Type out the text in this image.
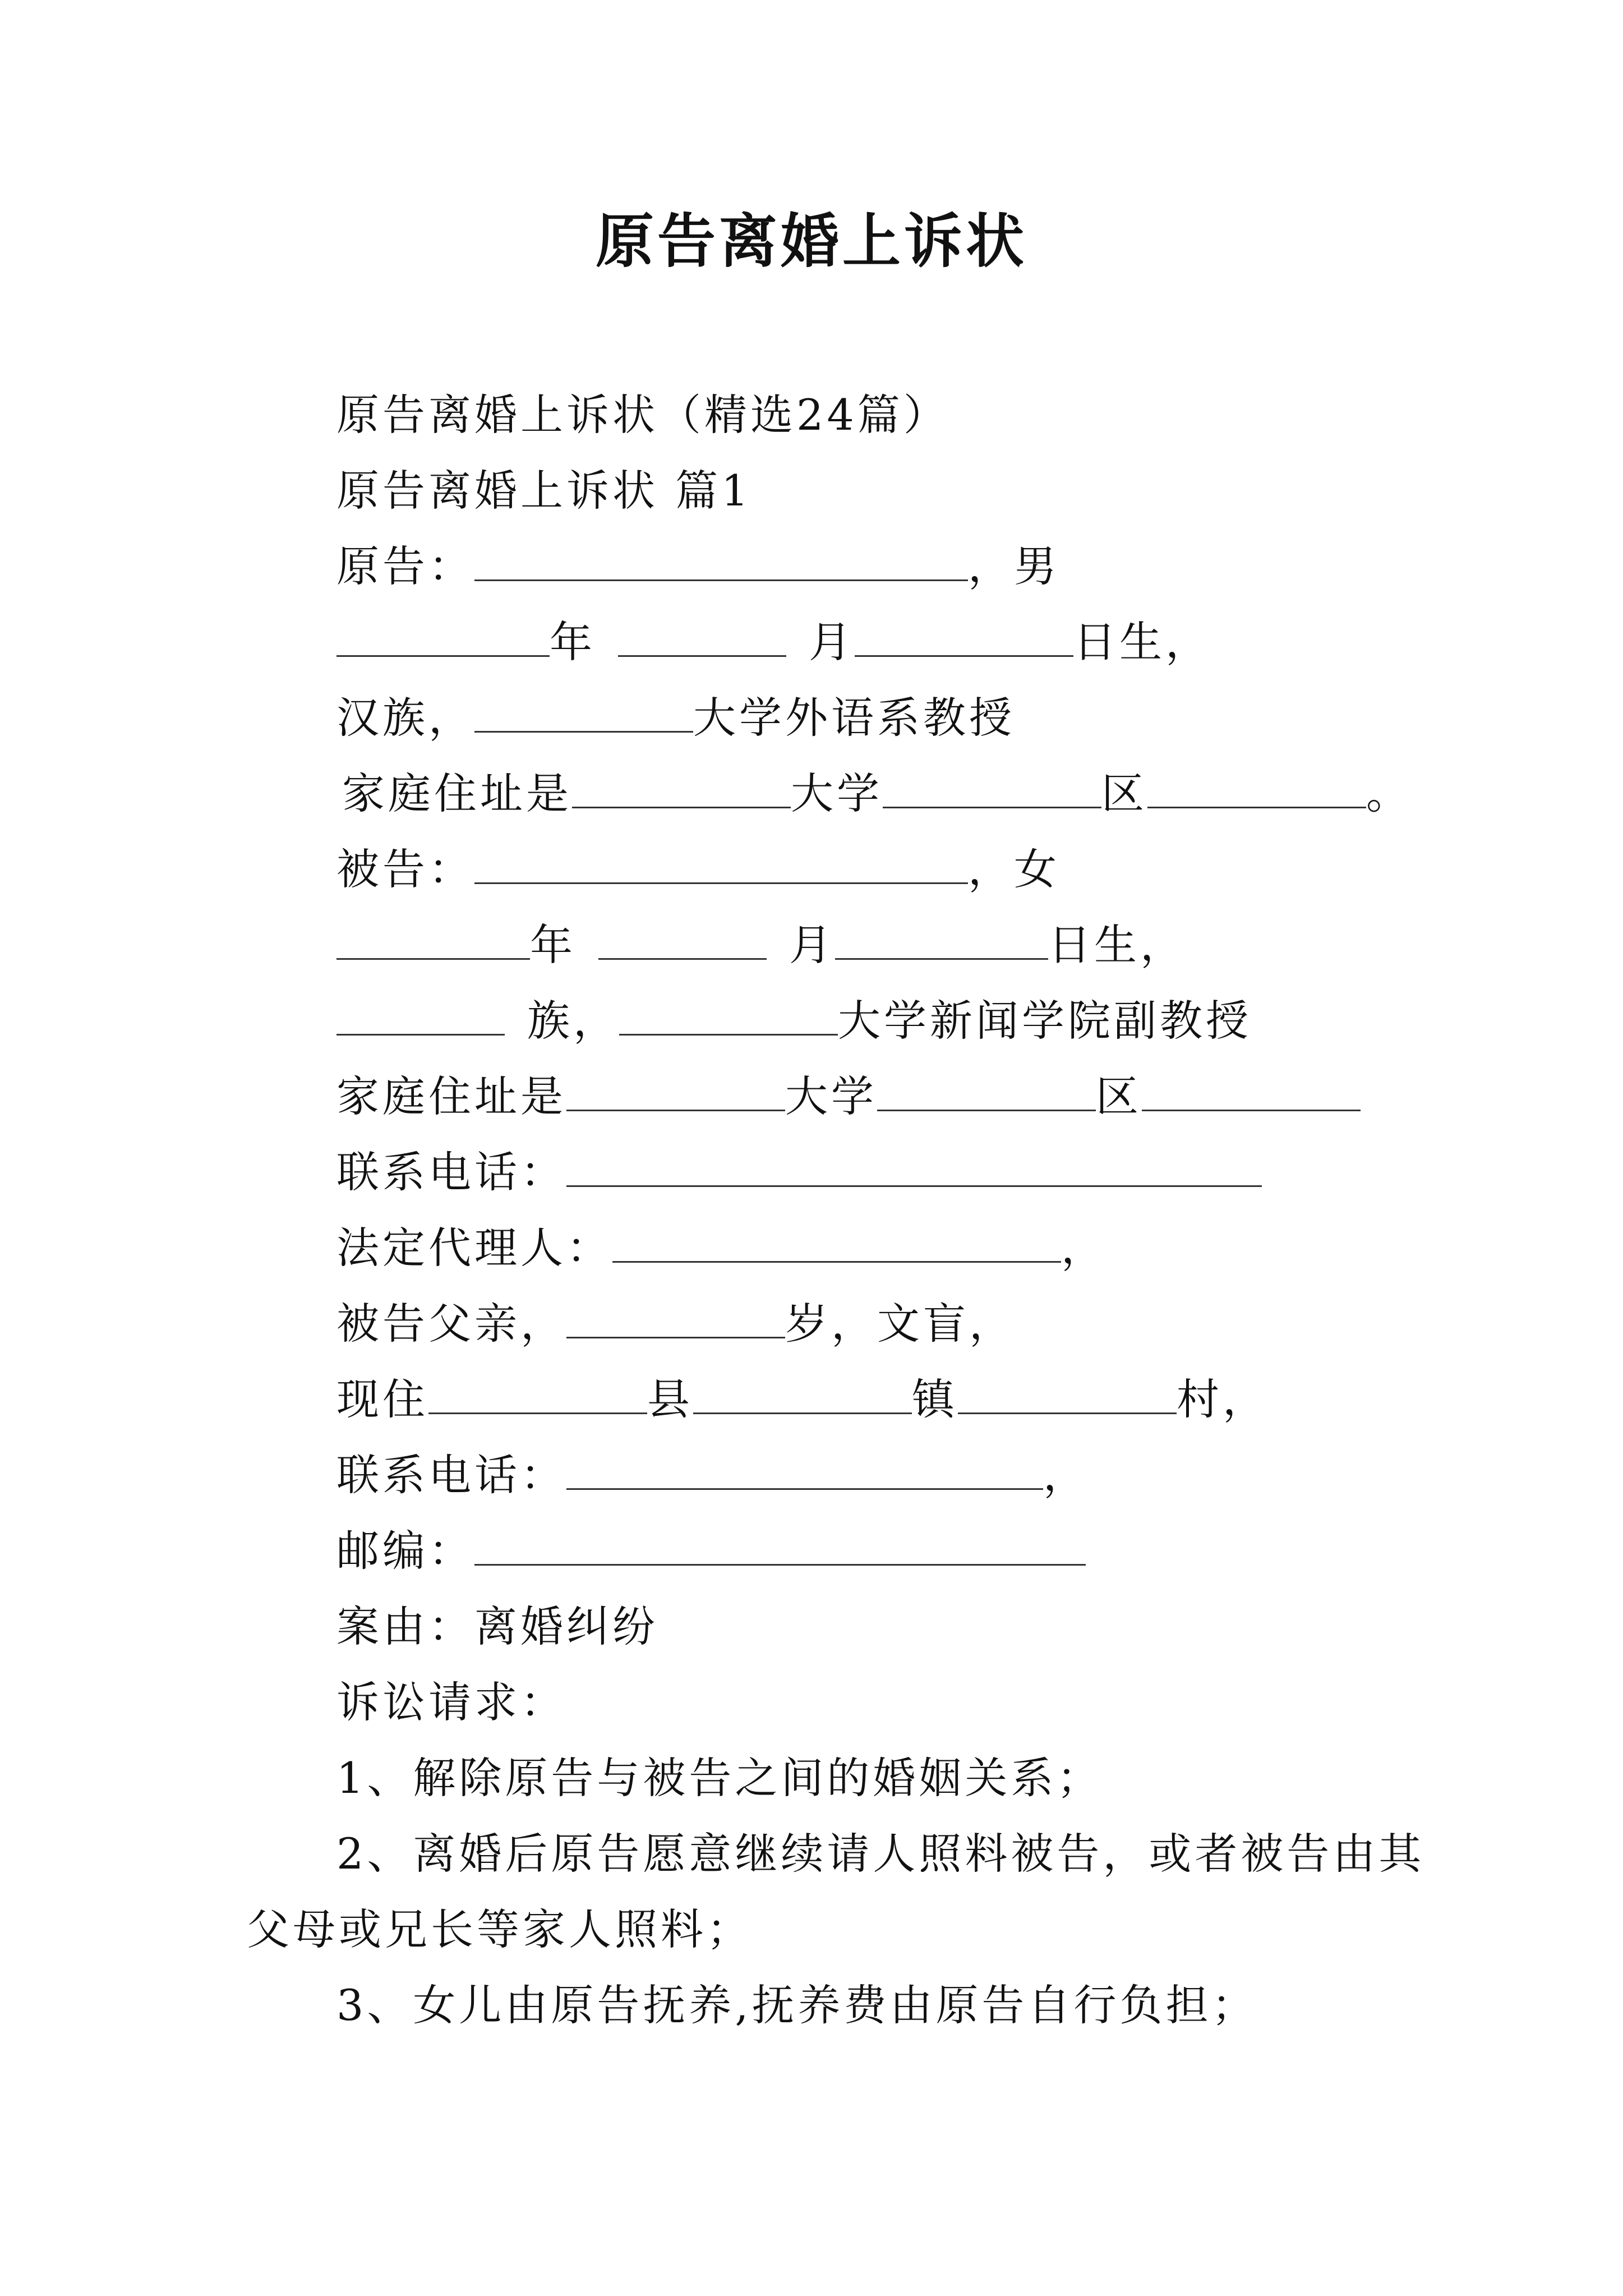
原告离婚上诉状
原告离婚上诉状（精选24篇）
原告离婚上诉状 篇1
原告：	，男
年	月	日生，
汉族，	大学外语系教授
家庭住址是	大学	区	。
被告：	，女
年	月	日生，
族，	大学新闻学院副教授
家庭住址是	大学	区
联系电话：
法定代理人：	，
被告父亲，	岁，文盲，
现住	县	镇	村，
联系电话：	，
邮编：
案由：离婚纠纷
诉讼请求：
1、解除原告与被告之间的婚姻关系；
2、离婚后原告愿意继续请人照料被告，或者被告由其
父母或兄长等家人照料；
3、女儿由原告抚养,抚养费由原告自行负担；
